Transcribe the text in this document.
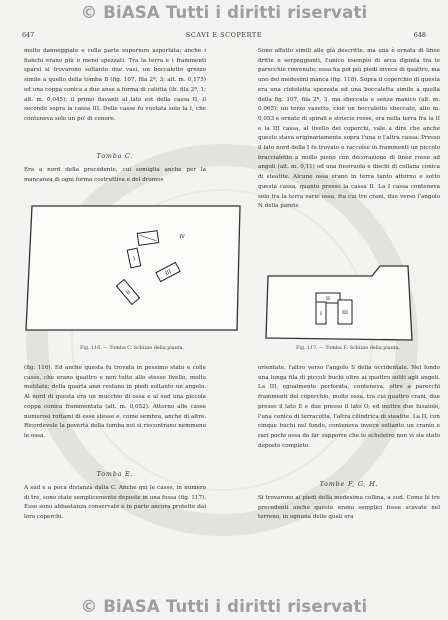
© BiASA Tutti i diritti riservati
647	SCAVI E SCOPERTE	648

molto danneggiate e colla parte superiore asportata; anche i fianchi erano più o meno spezzati. Tra la terra e i frammenti sparsi si trovarono soltanto due vasi, un boccaletto grezzo simile a quello della tomba B (fig. 107, fila 2ª, 3; alt. m. 0,175) ed una coppa conica a due anse a forma di calotta (ib. fila 2ª, 1; alt. m. 0,045); il primo davanti al lato est della cassa II, il secondo sopra la cassa III. Delle casse fu vuotata solo la I, che conteneva solo un po' di cenere.

Tomba C.

Era a nord della precedente, cui somiglia anche per la mancanza di ogni forma costruttiva e del dromos

Sono affatto simili alle già descritte, ma una è ornata di linee dritte e serpeggianti, l'unico esempio di arca dipinta tra le parecchie rinvenute; essa ha poi più piedi invece di quattro, ma uno dei medesimi manca (fig. 118). Sopra il coperchio di questa era una ciotoletta spezzata ed una boccaletta simile a quella della fig. 107, fila 2ª, 3, ma sbeccata e senza manico (alt. m. 0,065); un terzo vasetto, cioè un boccaletto sbeccato, alto m. 0,053 e ornato di spirali e striscie rosse, era nella terra fra la II e la III cassa, al livello dei coperchi, vale a dire che anche questo stava originariamente sopra l'una o l'altra cassa. Presso il lato nord della I fu trovato e raccolse in frammenti un piccolo braccialetto a mollo pieno con decorazione di linee rosse ad angoli (alt. m. 0,11) ed una fuseruola e dischi di collana conica di steatite. Alcune ossa erano in terra tanto attorno e sotto questa cassa, quanto presso la cassa II. La I cassa conteneva solo fra la terra varie ossa, fra cui tre crani, due verso l'angolo N della parete

I
III
II
IV
Fig. 116. — Tomba C. Schizzo della pianta.
II
I	III
Fig. 117. — Tomba E. Schizzo della pianta.

(fig. 116). Ed anche questa fu trovata in pessimo stato e colle casse, che erano quattro e non tutte allo stesso livello, molto mutilate; della quarta anzi restano in piedi soltanto un angolo. Al nord di questa era un mucchio di ossa e al sud una piccola coppa conica frammentata (alt. m. 0,052). Attorno alle casse numerosi rottami di esse stesse e, come sembra, anche di altre. Ricordevole la povertà della tomba noi si riscontrano nemmeno le ossa.

Tomba E.

A sud e a poca distanza dalla C. Anche qui le casse, in numero di tre, sono state semplicemente deposte in una fossa (fig. 117). Esse sono abbastanza conservate e in parte ancora protette dai loro coperchi.

orientate, l'altro verso l'angolo S della occidentale. Nel fondo una lunga fila di piccoli buchi oltre ai quattro soliti agli angoli. La III, egualmente perforata, conteneva, oltre a parecchi frammenti del coperchio, molte ossa, tra cui quattro crani, due presso il lato E e due presso il lato O, ed inoltre due fusaiole, l'una conica di terracotta, l'altra cilindrica di steatite. La II, con cinque buchi nel fondo, conteneva invece soltanto un cranio e rari pochi ossa da far supporre che lo scheletro non vi sia stato deposto completo.

Tombe F, G, H.

Si trovarono ai piedi della medesima collina, a sud. Come le tre precedenti anche queste erano semplici fosse scavate nel terreno, in ognuna delle quali era

© BiASA Tutti i diritti riservati
